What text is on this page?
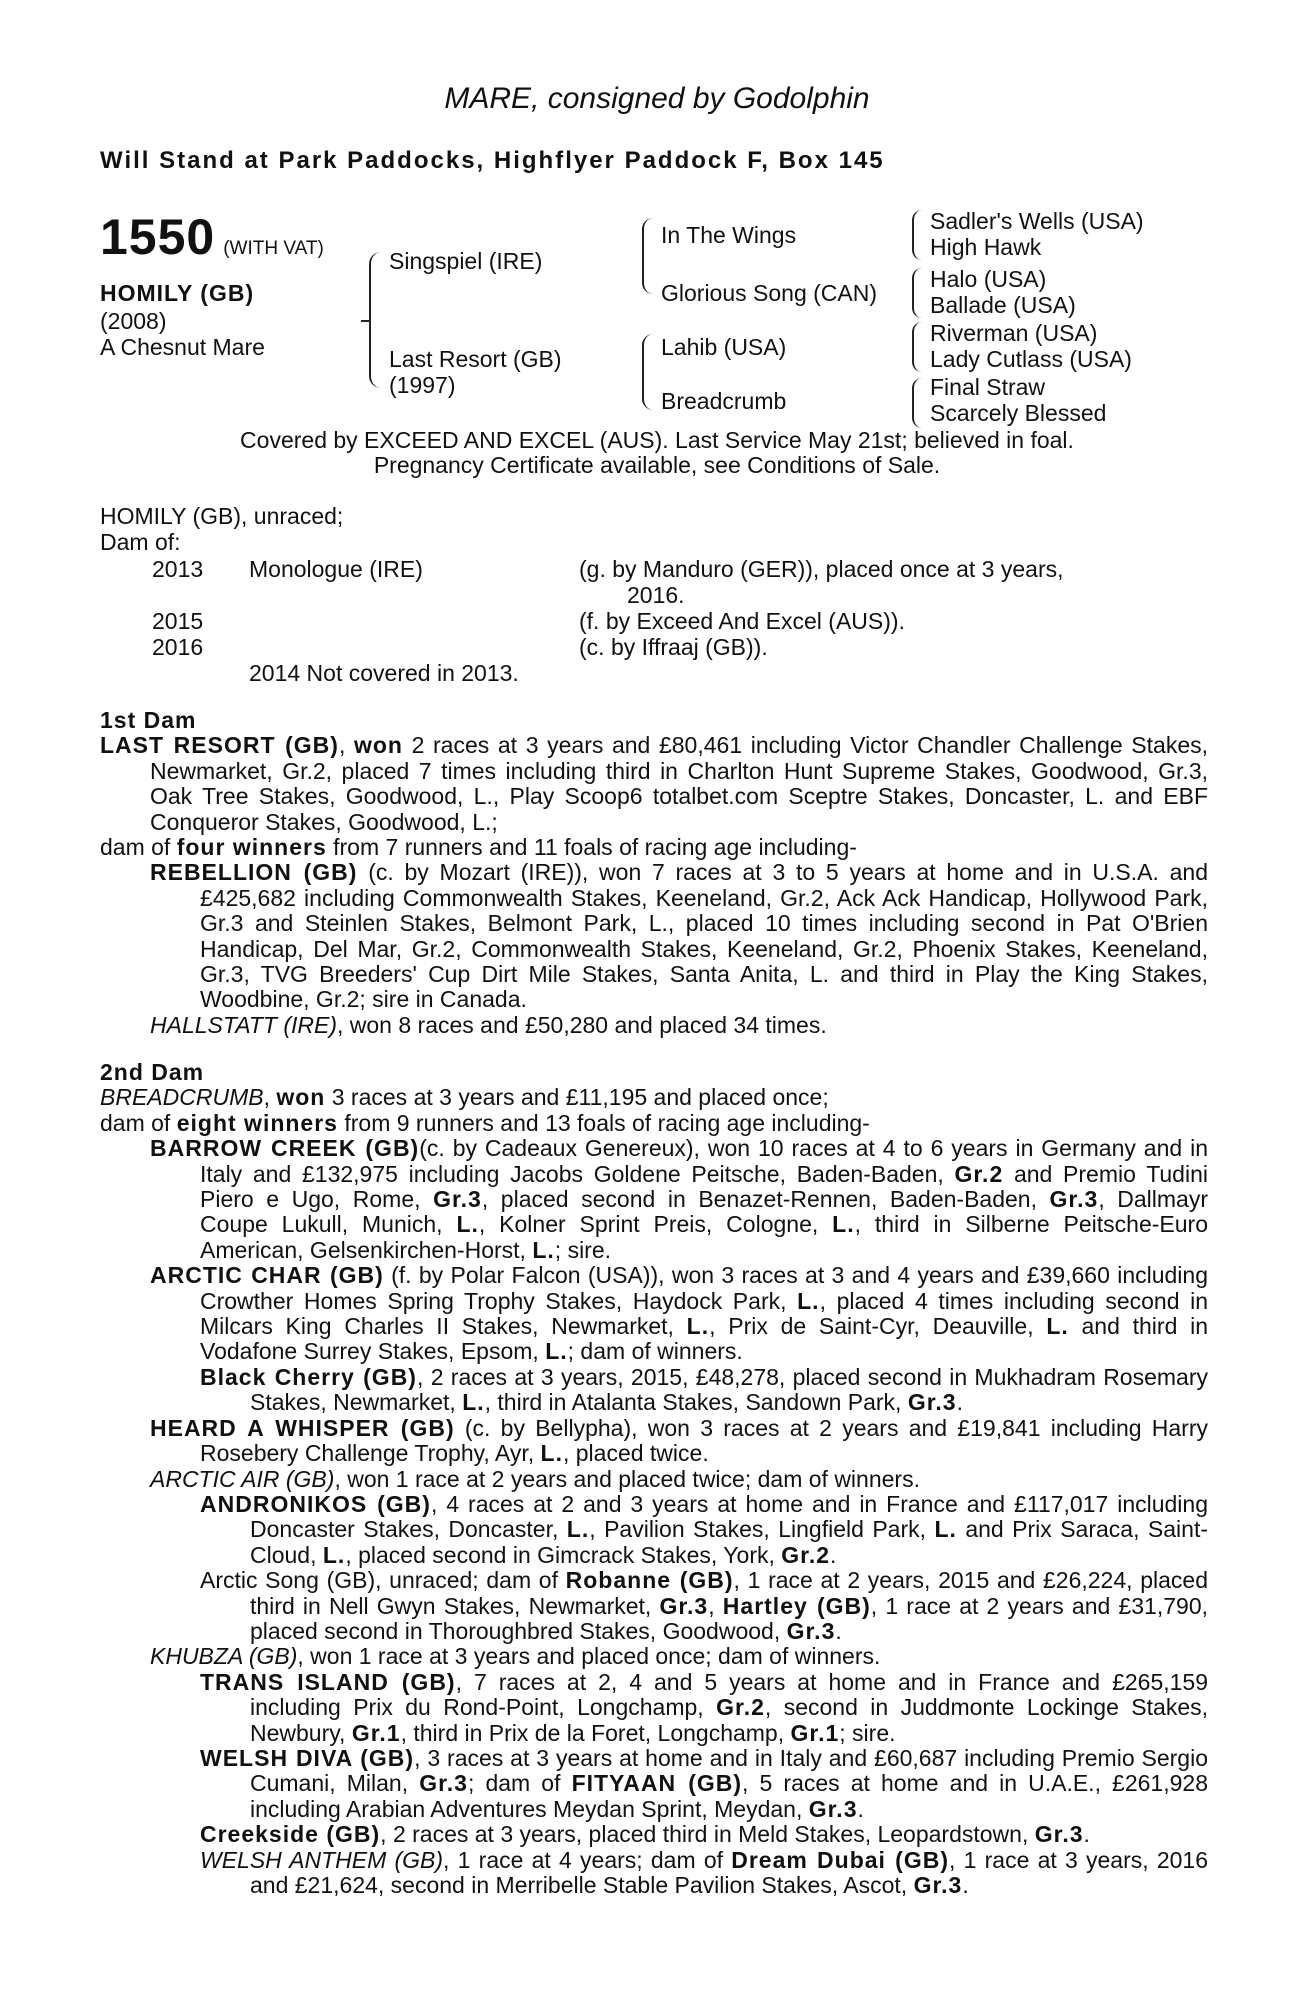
MARE, consigned by Godolphin
Will Stand at Park Paddocks, Highflyer Paddock F, Box 145
1550 (WITH VAT)
HOMILY (GB)
(2008)
A Chesnut Mare
Singspiel (IRE)
Last Resort (GB)
(1997)
In The Wings
Glorious Song (CAN)
Lahib (USA)
Breadcrumb
Sadler's Wells (USA)
High Hawk
Halo (USA)
Ballade (USA)
Riverman (USA)
Lady Cutlass (USA)
Final Straw
Scarcely Blessed
Covered by EXCEED AND EXCEL (AUS). Last Service May 21st; believed in foal.
Pregnancy Certificate available, see Conditions of Sale.
HOMILY (GB), unraced;
Dam of:
2013 Monologue (IRE)	(g. by Manduro (GER)), placed once at 3 years,
2016.
2015	(f. by Exceed And Excel (AUS)).
2016	(c. by Iffraaj (GB)).
2014 Not covered in 2013.
1st Dam
LAST RESORT (GB), won 2 races at 3 years and £80,461 including Victor Chandler Challenge Stakes, Newmarket, Gr.2, placed 7 times including third in Charlton Hunt Supreme Stakes, Goodwood, Gr.3, Oak Tree Stakes, Goodwood, L., Play Scoop6 totalbet.com Sceptre Stakes, Doncaster, L. and EBF Conqueror Stakes, Goodwood, L.;
dam of four winners from 7 runners and 11 foals of racing age including-
REBELLION (GB) (c. by Mozart (IRE)), won 7 races at 3 to 5 years at home and in U.S.A. and £425,682 including Commonwealth Stakes, Keeneland, Gr.2, Ack Ack Handicap, Hollywood Park, Gr.3 and Steinlen Stakes, Belmont Park, L., placed 10 times including second in Pat O'Brien Handicap, Del Mar, Gr.2, Commonwealth Stakes, Keeneland, Gr.2, Phoenix Stakes, Keeneland, Gr.3, TVG Breeders' Cup Dirt Mile Stakes, Santa Anita, L. and third in Play the King Stakes, Woodbine, Gr.2; sire in Canada.
HALLSTATT (IRE), won 8 races and £50,280 and placed 34 times.
2nd Dam
BREADCRUMB, won 3 races at 3 years and £11,195 and placed once;
dam of eight winners from 9 runners and 13 foals of racing age including-
BARROW CREEK (GB)(c. by Cadeaux Genereux), won 10 races at 4 to 6 years in Germany and in Italy and £132,975 including Jacobs Goldene Peitsche, Baden-Baden, Gr.2 and Premio Tudini Piero e Ugo, Rome, Gr.3, placed second in Benazet-Rennen, Baden-Baden, Gr.3, Dallmayr Coupe Lukull, Munich, L., Kolner Sprint Preis, Cologne, L., third in Silberne Peitsche-Euro American, Gelsenkirchen-Horst, L.; sire.
ARCTIC CHAR (GB) (f. by Polar Falcon (USA)), won 3 races at 3 and 4 years and £39,660 including Crowther Homes Spring Trophy Stakes, Haydock Park, L., placed 4 times including second in Milcars King Charles II Stakes, Newmarket, L., Prix de Saint-Cyr, Deauville, L. and third in Vodafone Surrey Stakes, Epsom, L.; dam of winners.
Black Cherry (GB), 2 races at 3 years, 2015, £48,278, placed second in Mukhadram Rosemary Stakes, Newmarket, L., third in Atalanta Stakes, Sandown Park, Gr.3.
HEARD A WHISPER (GB) (c. by Bellypha), won 3 races at 2 years and £19,841 including Harry Rosebery Challenge Trophy, Ayr, L., placed twice.
ARCTIC AIR (GB), won 1 race at 2 years and placed twice; dam of winners.
ANDRONIKOS (GB), 4 races at 2 and 3 years at home and in France and £117,017 including Doncaster Stakes, Doncaster, L., Pavilion Stakes, Lingfield Park, L. and Prix Saraca, Saint-Cloud, L., placed second in Gimcrack Stakes, York, Gr.2.
Arctic Song (GB), unraced; dam of Robanne (GB), 1 race at 2 years, 2015 and £26,224, placed third in Nell Gwyn Stakes, Newmarket, Gr.3, Hartley (GB), 1 race at 2 years and £31,790, placed second in Thoroughbred Stakes, Goodwood, Gr.3.
KHUBZA (GB), won 1 race at 3 years and placed once; dam of winners.
TRANS ISLAND (GB), 7 races at 2, 4 and 5 years at home and in France and £265,159 including Prix du Rond-Point, Longchamp, Gr.2, second in Juddmonte Lockinge Stakes, Newbury, Gr.1, third in Prix de la Foret, Longchamp, Gr.1; sire.
WELSH DIVA (GB), 3 races at 3 years at home and in Italy and £60,687 including Premio Sergio Cumani, Milan, Gr.3; dam of FITYAAN (GB), 5 races at home and in U.A.E., £261,928 including Arabian Adventures Meydan Sprint, Meydan, Gr.3.
Creekside (GB), 2 races at 3 years, placed third in Meld Stakes, Leopardstown, Gr.3.
WELSH ANTHEM (GB), 1 race at 4 years; dam of Dream Dubai (GB), 1 race at 3 years, 2016 and £21,624, second in Merribelle Stable Pavilion Stakes, Ascot, Gr.3.
